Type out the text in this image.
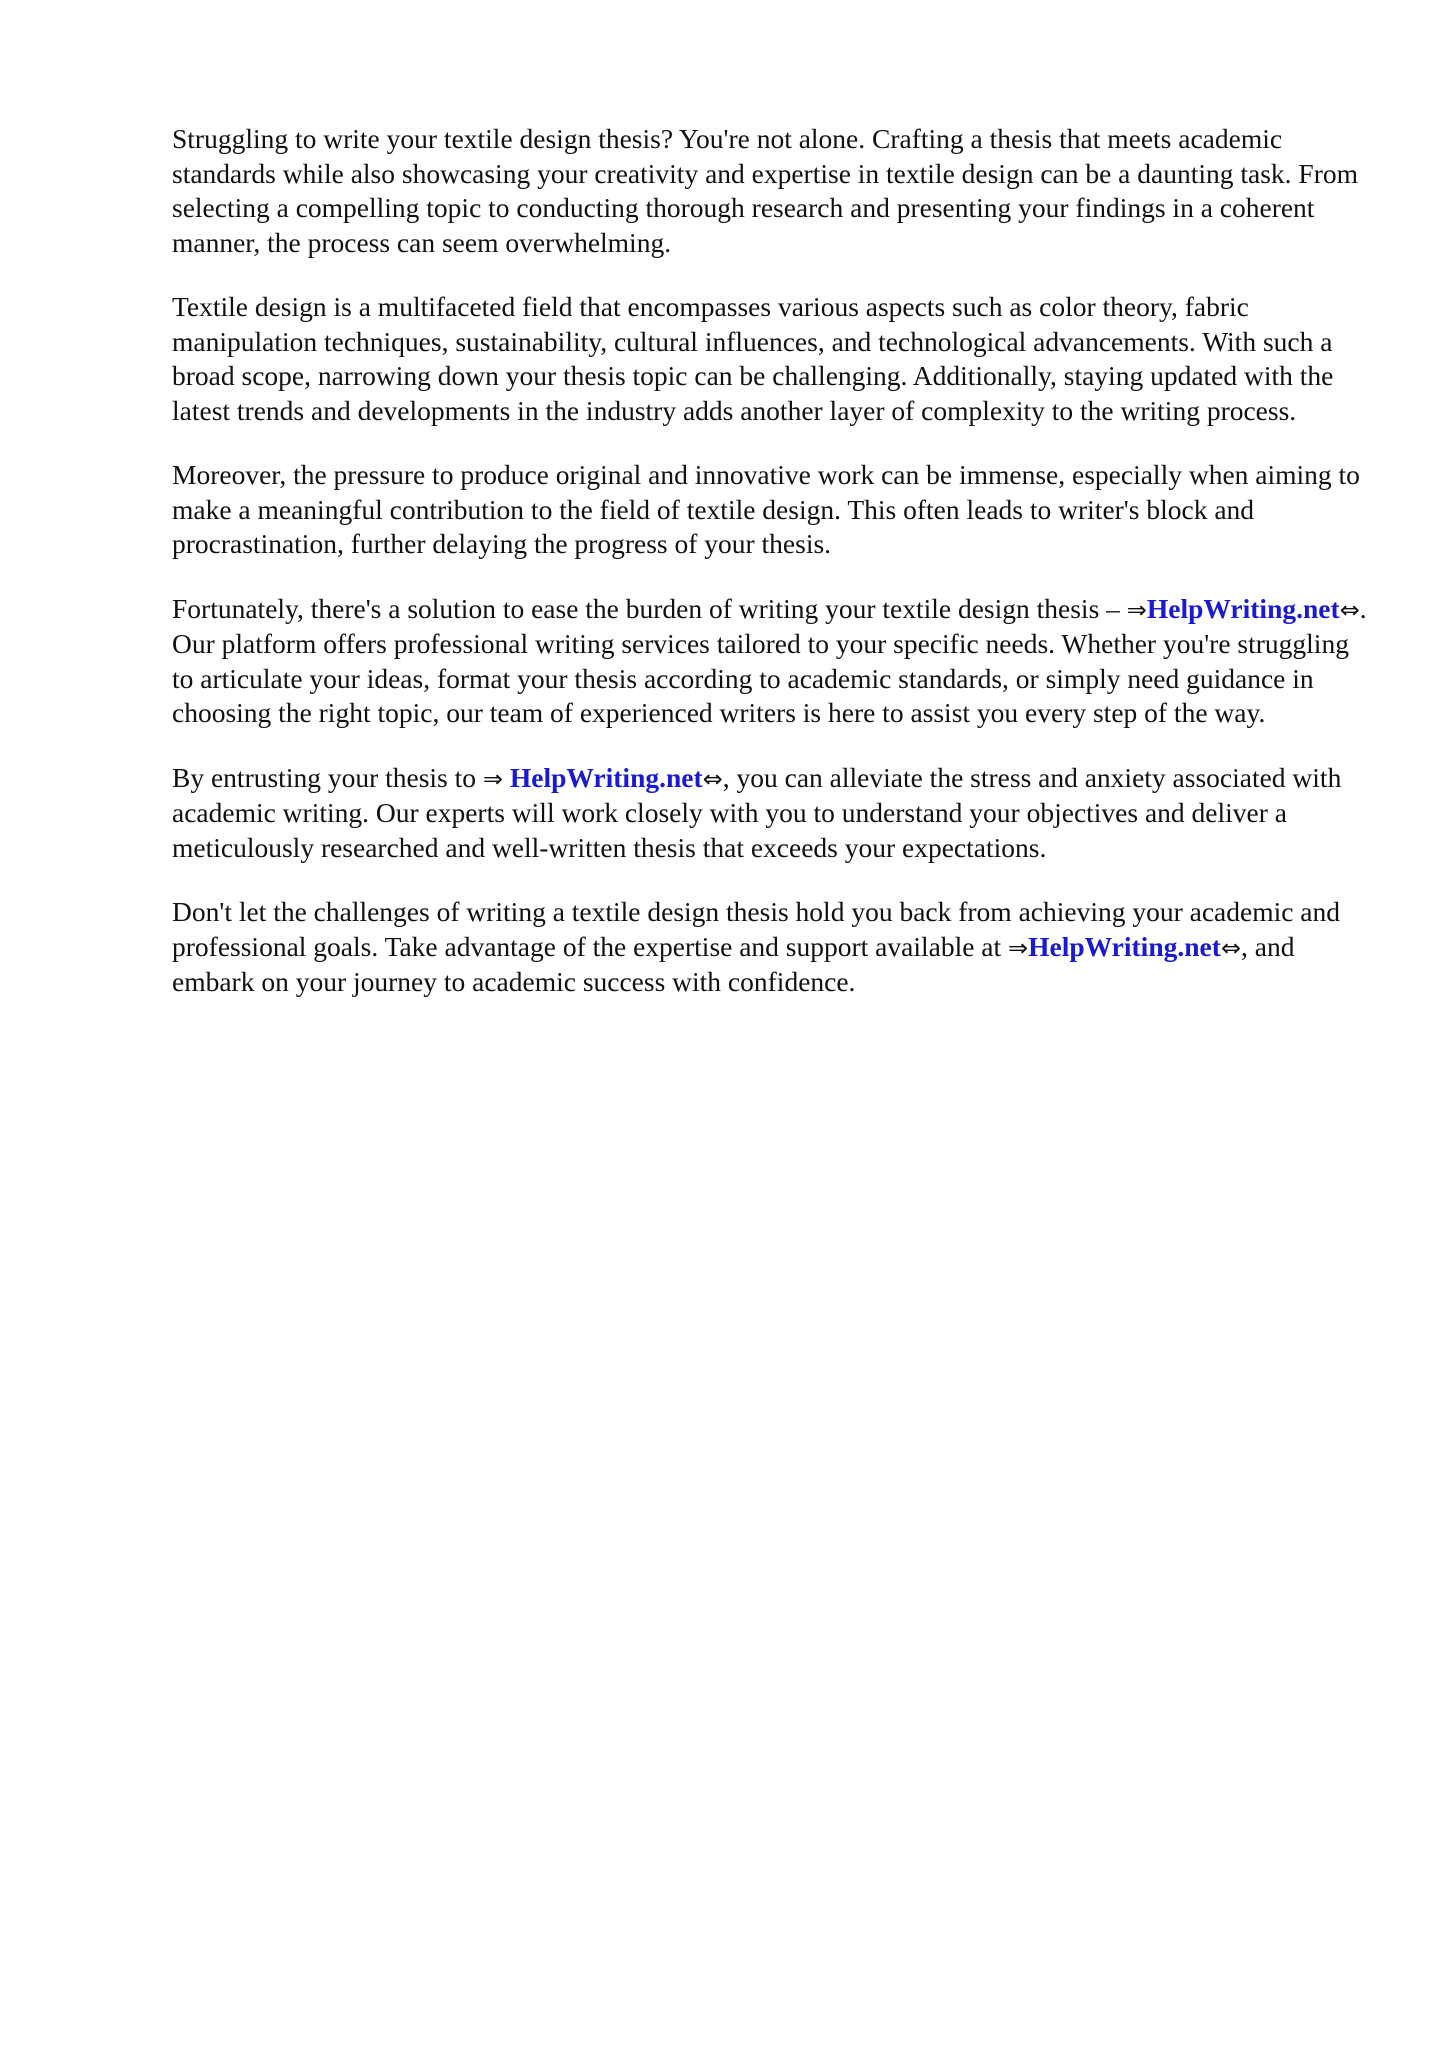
Struggling to write your textile design thesis? You're not alone. Crafting a thesis that meets academic standards while also showcasing your creativity and expertise in textile design can be a daunting task. From selecting a compelling topic to conducting thorough research and presenting your findings in a coherent manner, the process can seem overwhelming.

Textile design is a multifaceted field that encompasses various aspects such as color theory, fabric manipulation techniques, sustainability, cultural influences, and technological advancements. With such a broad scope, narrowing down your thesis topic can be challenging. Additionally, staying updated with the latest trends and developments in the industry adds another layer of complexity to the writing process.

Moreover, the pressure to produce original and innovative work can be immense, especially when aiming to make a meaningful contribution to the field of textile design. This often leads to writer's block and procrastination, further delaying the progress of your thesis.

Fortunately, there's a solution to ease the burden of writing your textile design thesis – ⇒HelpWriting.net⇔. Our platform offers professional writing services tailored to your specific needs. Whether you're struggling to articulate your ideas, format your thesis according to academic standards, or simply need guidance in choosing the right topic, our team of experienced writers is here to assist you every step of the way.

By entrusting your thesis to ⇒ HelpWriting.net⇔, you can alleviate the stress and anxiety associated with academic writing. Our experts will work closely with you to understand your objectives and deliver a meticulously researched and well-written thesis that exceeds your expectations.

Don't let the challenges of writing a textile design thesis hold you back from achieving your academic and professional goals. Take advantage of the expertise and support available at ⇒HelpWriting.net⇔, and embark on your journey to academic success with confidence.
